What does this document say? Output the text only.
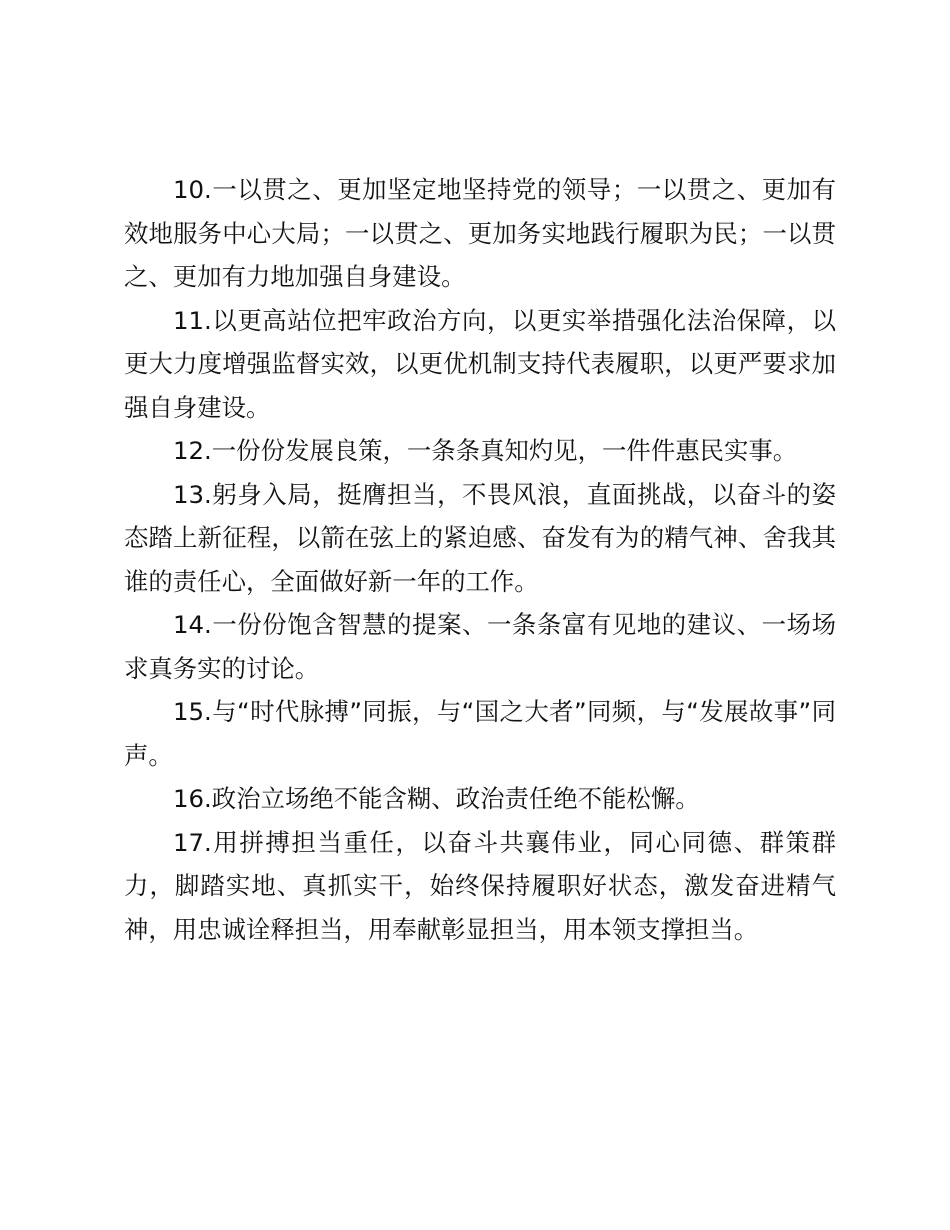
10.一以贯之、更加坚定地坚持党的领导；一以贯之、更加有效地服务中心大局；一以贯之、更加务实地践行履职为民；一以贯之、更加有力地加强自身建设。

11.以更高站位把牢政治方向，以更实举措强化法治保障，以更大力度增强监督实效，以更优机制支持代表履职，以更严要求加强自身建设。

12.一份份发展良策，一条条真知灼见，一件件惠民实事。

13.躬身入局，挺膺担当，不畏风浪，直面挑战，以奋斗的姿态踏上新征程，以箭在弦上的紧迫感、奋发有为的精气神、舍我其谁的责任心，全面做好新一年的工作。

14.一份份饱含智慧的提案、一条条富有见地的建议、一场场求真务实的讨论。

15.与“时代脉搏”同振，与“国之大者”同频，与“发展故事”同声。

16.政治立场绝不能含糊、政治责任绝不能松懈。

17.用拼搏担当重任，以奋斗共襄伟业，同心同德、群策群力，脚踏实地、真抓实干，始终保持履职好状态，激发奋进精气神，用忠诚诠释担当，用奉献彰显担当，用本领支撑担当。
